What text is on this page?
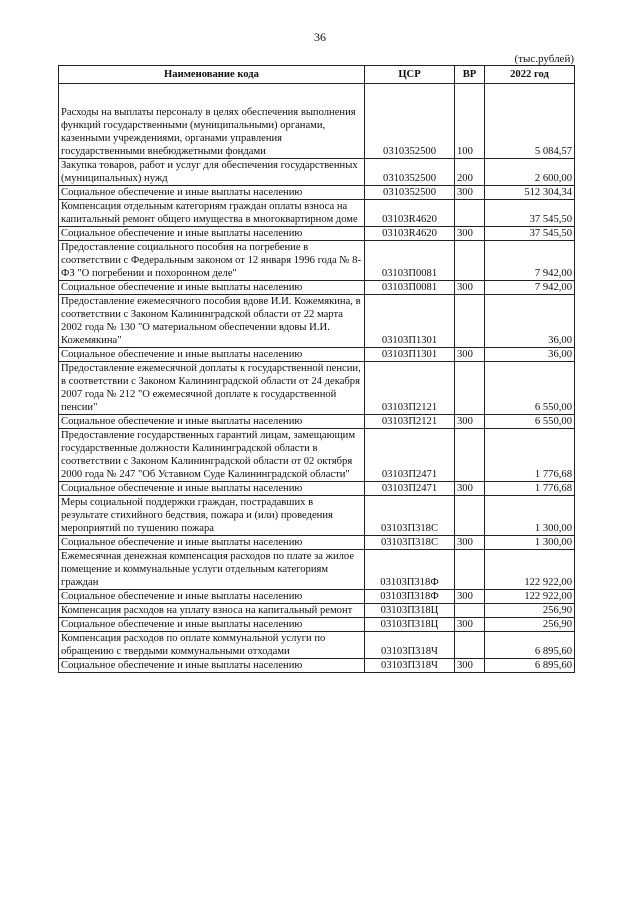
36
(тыс.рублей)
Наименование кода	ЦСР	ВР	2022 год
Расходы на выплаты персоналу в целях обеспечения выполнения функций государственными (муниципальными) органами, казенными учреждениями, органами управления государственными внебюджетными фондами	0310352500	100	5 084,57
Закупка товаров, работ и услуг для обеспечения государственных (муниципальных) нужд	0310352500	200	2 600,00
Социальное обеспечение и иные выплаты населению	0310352500	300	512 304,34
Компенсация отдельным категориям граждан оплаты взноса на капитальный ремонт общего имущества в многоквартирном доме	03103R4620		37 545,50
Социальное обеспечение и иные выплаты населению	03103R4620	300	37 545,50
Предоставление социального пособия на погребение в соответствии с Федеральным законом от 12 января 1996 года № 8-ФЗ "О погребении и похоронном деле"	03103П0081		7 942,00
Социальное обеспечение и иные выплаты населению	03103П0081	300	7 942,00
Предоставление ежемесячного пособия вдове И.И. Кожемякина, в соответствии с Законом Калининградской области от 22 марта 2002 года № 130 "О материальном обеспечении вдовы И.И. Кожемякина"	03103П1301		36,00
Социальное обеспечение и иные выплаты населению	03103П1301	300	36,00
Предоставление ежемесячной доплаты к государственной пенсии, в соответствии с Законом Калининградской области от 24 декабря 2007 года № 212 "О ежемесячной доплате к государственной пенсии"	03103П2121		6 550,00
Социальное обеспечение и иные выплаты населению	03103П2121	300	6 550,00
Предоставление государственных гарантий лицам, замещающим государственные должности Калининградской области в соответствии с Законом Калининградской области от 02 октября 2000 года № 247 "Об Уставном Суде Калининградской области"	03103П2471		1 776,68
Социальное обеспечение и иные выплаты населению	03103П2471	300	1 776,68
Меры социальной поддержки граждан, пострадавших в результате стихийного бедствия, пожара и (или) проведения мероприятий по тушению пожара	03103П318С		1 300,00
Социальное обеспечение и иные выплаты населению	03103П318С	300	1 300,00
Ежемесячная денежная компенсация расходов по плате за жилое помещение и коммунальные услуги отдельным категориям граждан	03103П318Ф		122 922,00
Социальное обеспечение и иные выплаты населению	03103П318Ф	300	122 922,00
Компенсация расходов на уплату взноса на капитальный ремонт	03103П318Ц		256,90
Социальное обеспечение и иные выплаты населению	03103П318Ц	300	256,90
Компенсация расходов по оплате коммунальной услуги по обращению с твердыми коммунальными отходами	03103П318Ч		6 895,60
Социальное обеспечение и иные выплаты населению	03103П318Ч	300	6 895,60
